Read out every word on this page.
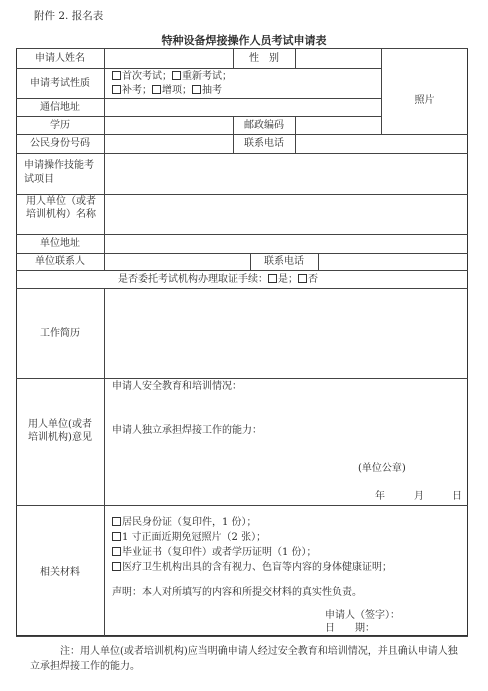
附件 2. 报名表
特种设备焊接操作人员考试申请表
申请人姓名	性　别
照片
申请考试性质
首次考试； 重新考试；
补考； 增项； 抽考
通信地址
学历	邮政编码
公民身份号码	联系电话
申请操作技能考试项目
用人单位（或者培训机构）名称
单位地址
单位联系人	联系电话
是否委托考试机构办理取证手续： 是； 否
工作简历
用人单位(或者培训机构)意见
申请人安全教育和培训情况：
申请人独立承担焊接工作的能力：
(单位公章)
年	月	日
相关材料
居民身份证（复印件，1 份）；
1 寸正面近期免冠照片（2 张）；
毕业证书（复印件）或者学历证明（1 份）；
医疗卫生机构出具的含有视力、色盲等内容的身体健康证明；
声明：本人对所填写的内容和所提交材料的真实性负责。
申请人（签字）：
日　　期：
注：用人单位(或者培训机构)应当明确申请人经过安全教育和培训情况，并且确认申请人独立承担焊接工作的能力。
